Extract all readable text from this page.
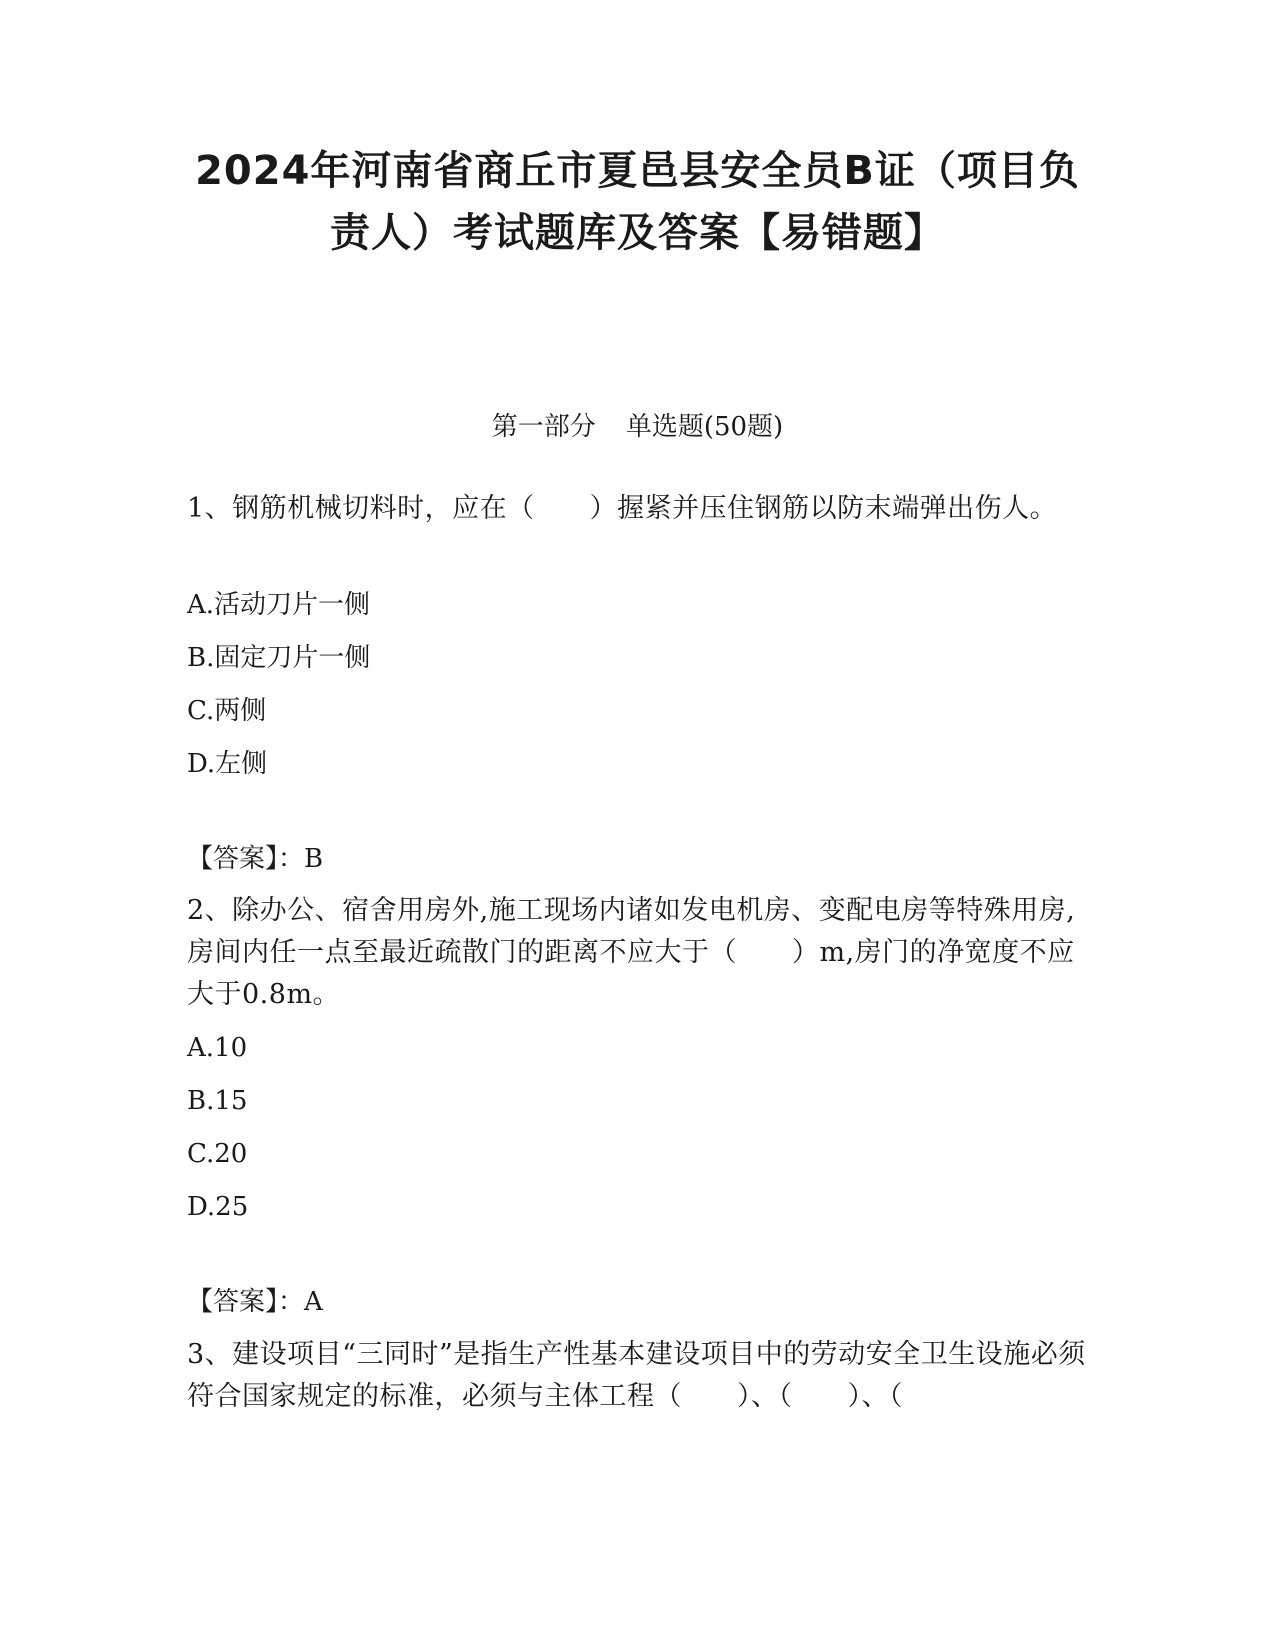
2024年河南省商丘市夏邑县安全员B证（项目负
责人）考试题库及答案【易错题】
第一部分 单选题(50题)
1、钢筋机械切料时，应在（　　）握紧并压住钢筋以防末端弹出伤人。
A.活动刀片一侧
B.固定刀片一侧
C.两侧
D.左侧
【答案】：B
2、除办公、宿舍用房外,施工现场内诸如发电机房、变配电房等特殊用房,房间内任一点至最近疏散门的距离不应大于（　　）m,房门的净宽度不应大于0.8m。
A.10
B.15
C.20
D.25
【答案】：A
3、建设项目“三同时”是指生产性基本建设项目中的劳动安全卫生设施必须符合国家规定的标准，必须与主体工程（　　）、（　　）、（
